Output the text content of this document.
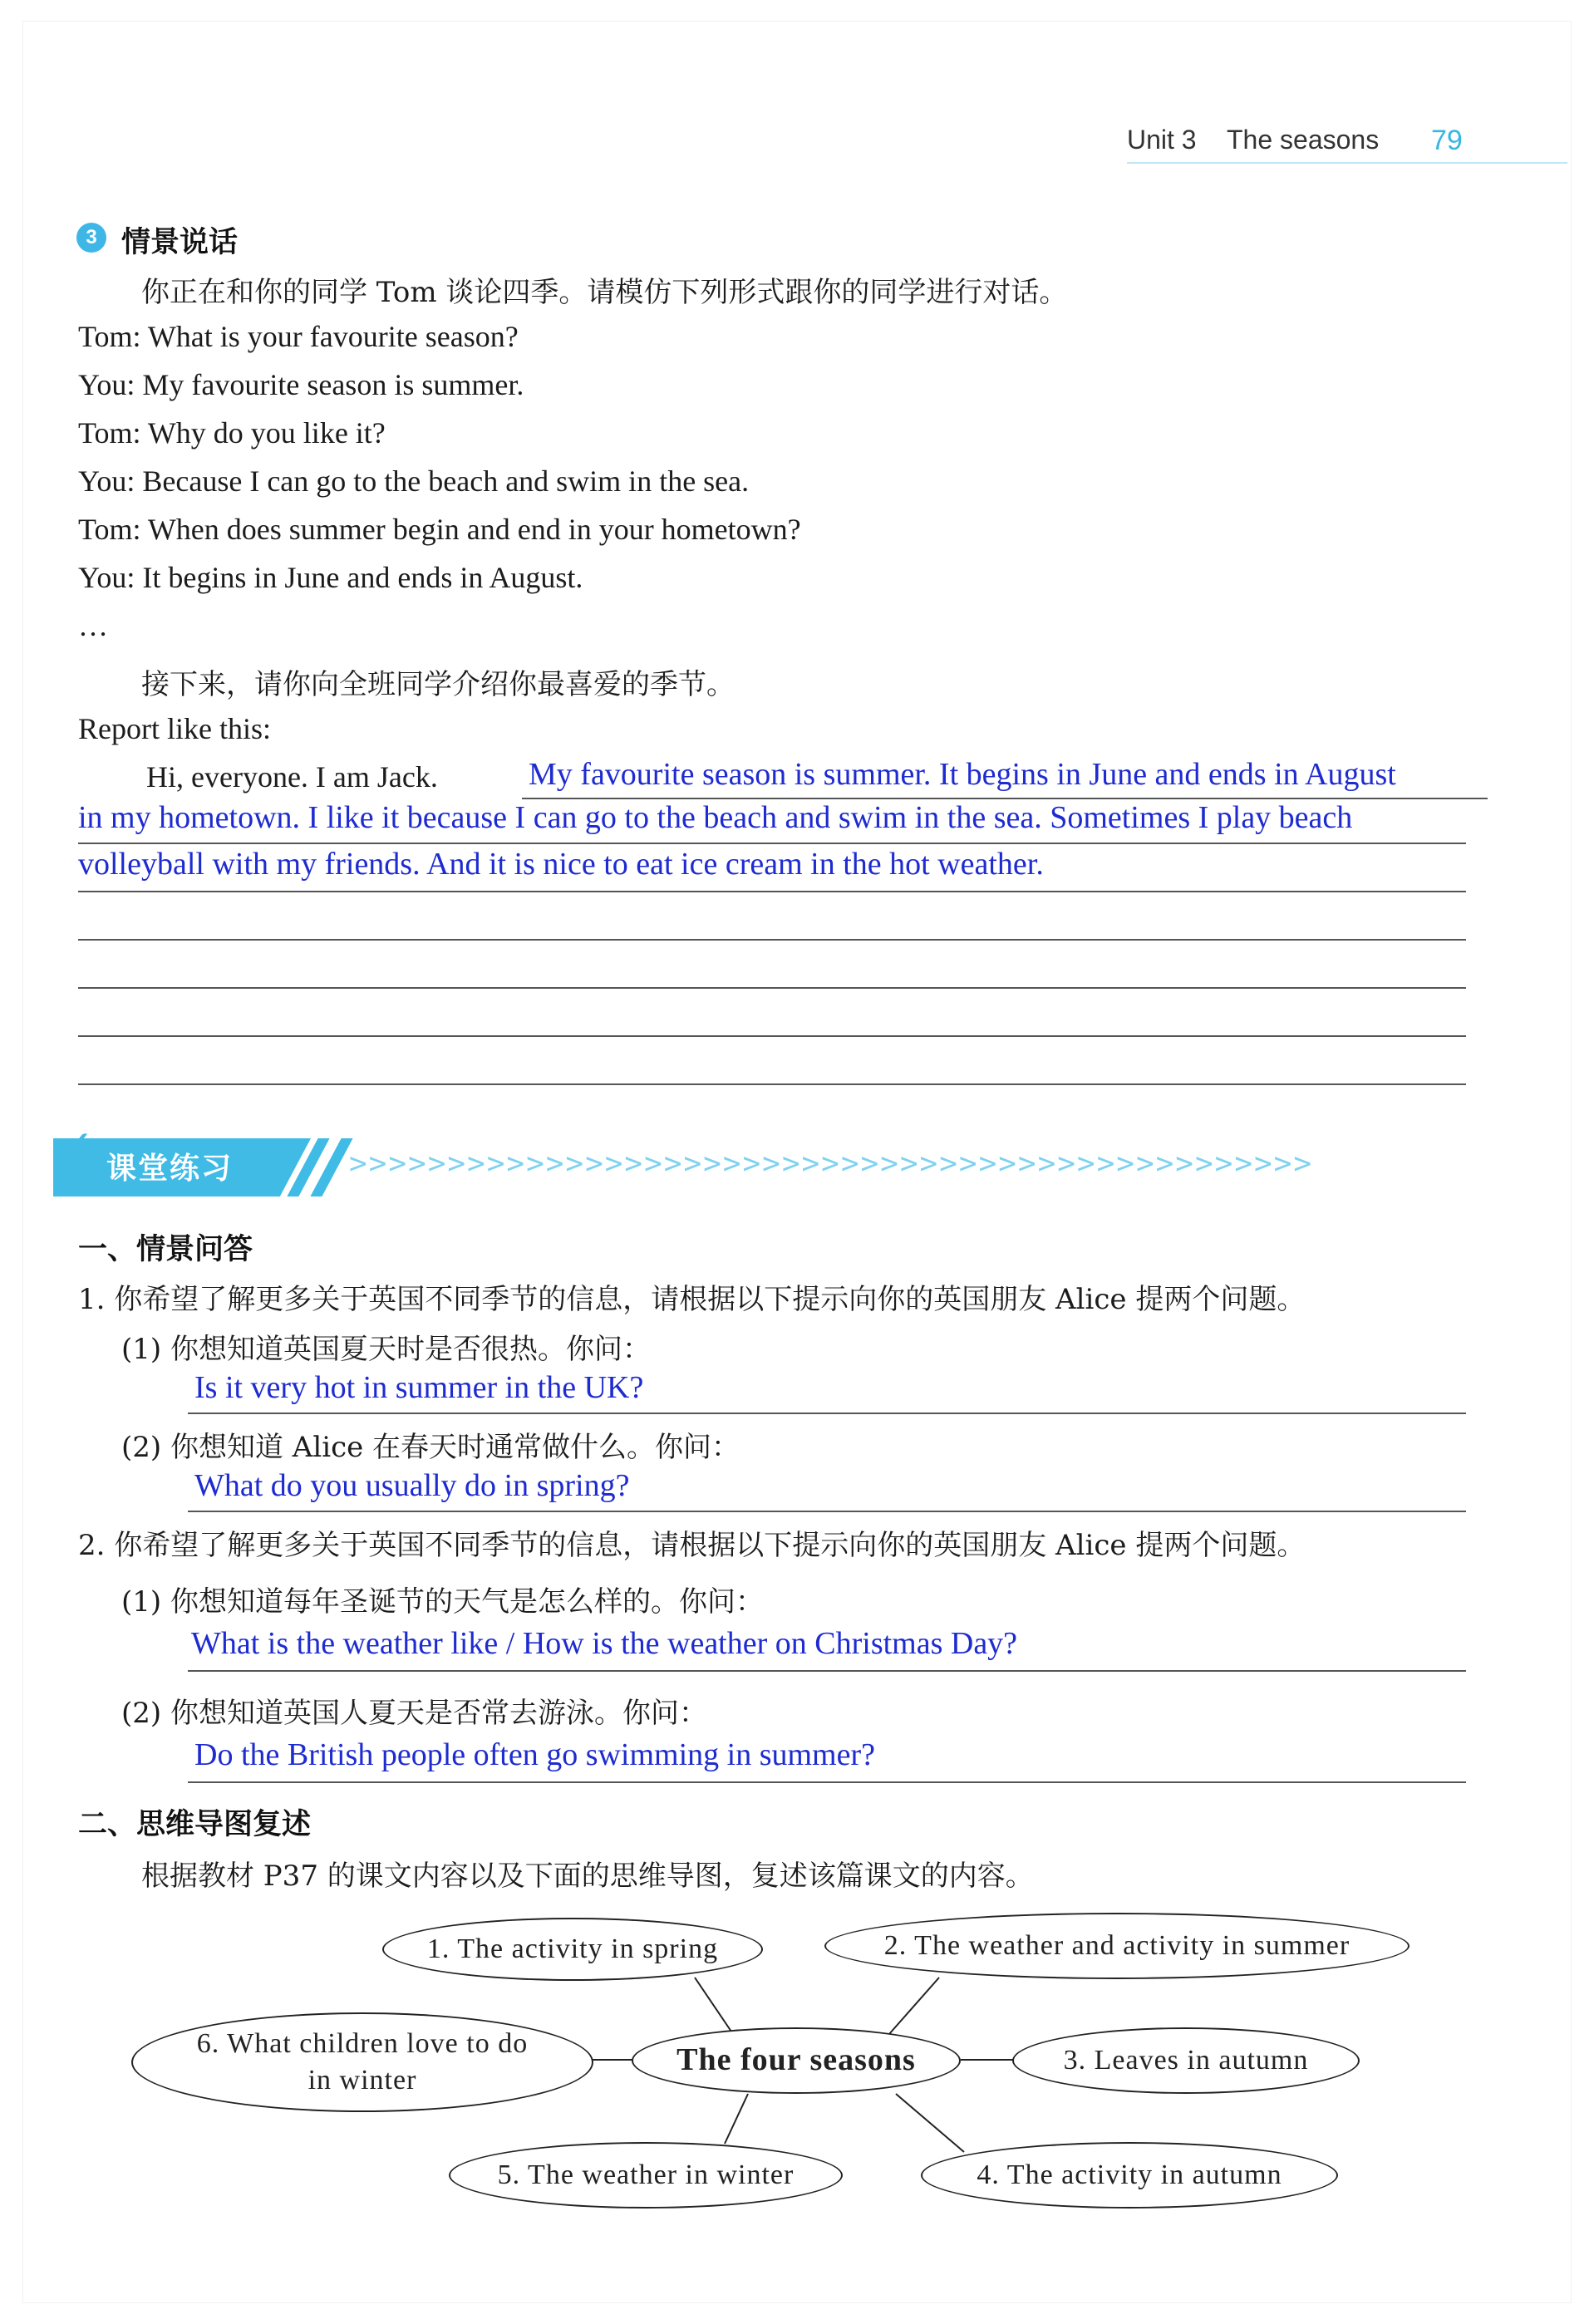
Unit 3 The seasons 79
3 情景说话
你正在和你的同学 Tom 谈论四季。请模仿下列形式跟你的同学进行对话。
Tom: What is your favourite season?
You: My favourite season is summer.
Tom: Why do you like it?
You: Because I can go to the beach and swim in the sea.
Tom: When does summer begin and end in your hometown?
You: It begins in June and ends in August.
…
接下来，请你向全班同学介绍你最喜爱的季节。
Report like this:
Hi, everyone. I am Jack.	My favourite season is summer. It begins in June and ends in August
in my hometown. I like it because I can go to the beach and swim in the sea. Sometimes I play beach
volleyball with my friends. And it is nice to eat ice cream in the hot weather.
✓ 课堂练习	>>>>>>>>>>>>>>>>>>>>>>>>>>>>>>>>>>>>>>>>>>>>>>>>>
一、情景问答
1. 你希望了解更多关于英国不同季节的信息，请根据以下提示向你的英国朋友 Alice 提两个问题。
(1) 你想知道英国夏天时是否很热。你问：
Is it very hot in summer in the UK?
(2) 你想知道 Alice 在春天时通常做什么。你问：
What do you usually do in spring?
2. 你希望了解更多关于英国不同季节的信息，请根据以下提示向你的英国朋友 Alice 提两个问题。
(1) 你想知道每年圣诞节的天气是怎么样的。你问：
What is the weather like / How is the weather on Christmas Day?
(2) 你想知道英国人夏天是否常去游泳。你问：
Do the British people often go swimming in summer?
二、思维导图复述
根据教材 P37 的课文内容以及下面的思维导图，复述该篇课文的内容。
The four seasons
1. The activity in spring	2. The weather and activity in summer
3. Leaves in autumn
4. The activity in autumn
5. The weather in winter
6. What children love to do in winter
